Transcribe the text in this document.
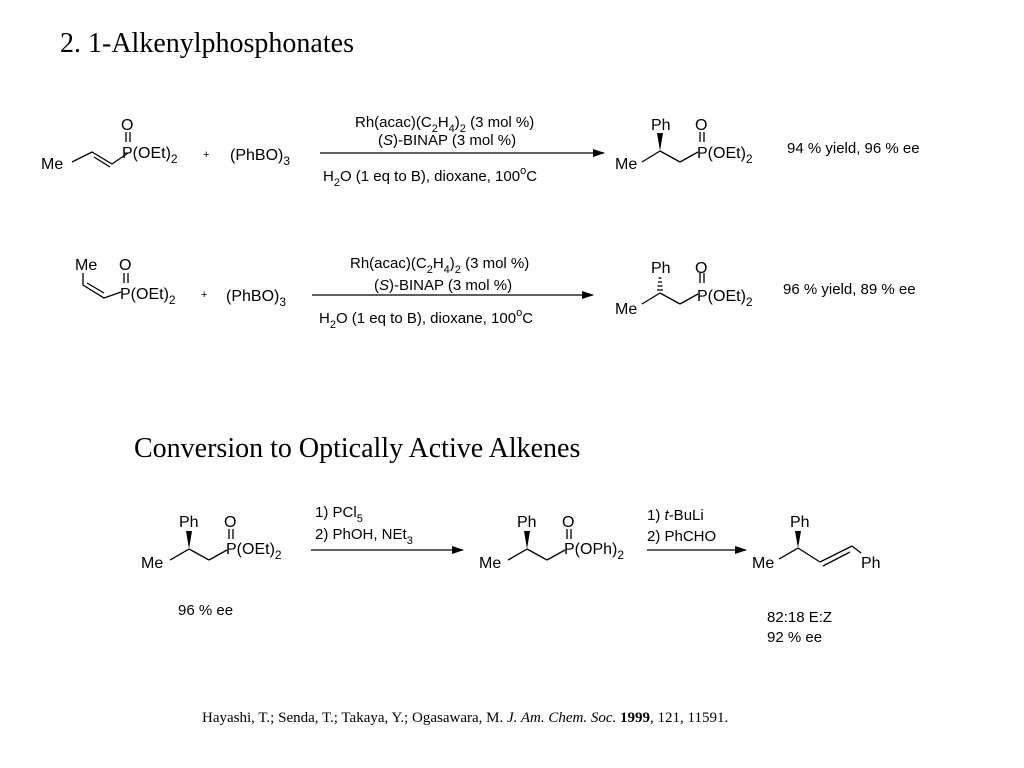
2. 1-Alkenylphosphonates
Me
O
$P(OEt)_2$ + $(PhBO)_3$
$Rh(acac)(C_2H_4)_2$ (3 mol %)
(S)-BINAP (3 mol %)
$H_2O$ (1 eq to B), dioxane, 100$^o$C
Ph O
$P(OEt)_2$
Me
94 % yield, 96 % ee
Me O
$P(OEt)_2$ + $(PhBO)_3$
$Rh(acac)(C_2H_4)_2$ (3 mol %)
(S)-BINAP (3 mol %)
$H_2O$ (1 eq to B), dioxane, 100$^o$C
Ph O
$P(OEt)_2$
Me
96 % yield, 89 % ee
Conversion to Optically Active Alkenes
Ph O
$P(OEt)_2$
Me
96 % ee
1) PCl$_5$
2) PhOH, NEt$_3$
Ph O
$P(OPh)_2$
Me
1) t-BuLi
2) PhCHO
Ph
Me	Ph
82:18 E:Z
92 % ee
Hayashi, T.; Senda, T.; Takaya, Y.; Ogasawara, M. J. Am. Chem. Soc. 1999, 121, 11591.
